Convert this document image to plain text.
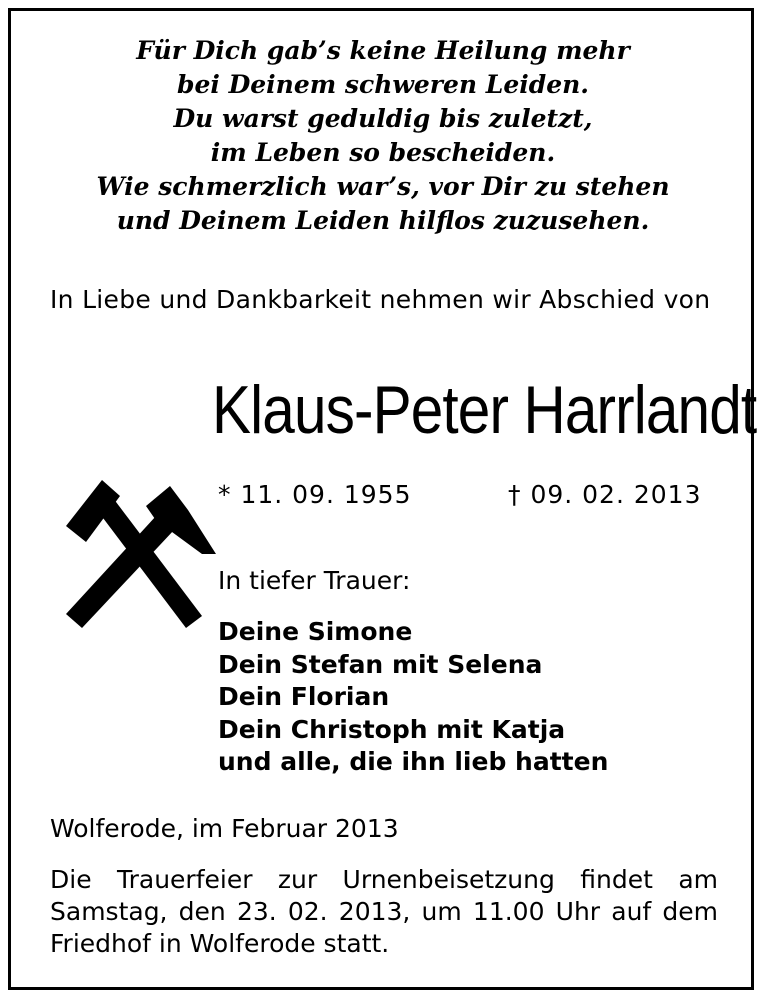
Für Dich gab’s keine Heilung mehr
bei Deinem schweren Leiden.
Du warst geduldig bis zuletzt,
im Leben so bescheiden.
Wie schmerzlich war’s, vor Dir zu stehen
und Deinem Leiden hilflos zuzusehen.
In Liebe und Dankbarkeit nehmen wir Abschied von
Klaus-Peter Harrlandt
* 11. 09. 1955	† 09. 02. 2013
In tiefer Trauer:
Deine Simone
Dein Stefan mit Selena
Dein Florian
Dein Christoph mit Katja
und alle, die ihn lieb hatten
Wolferode, im Februar 2013
Die Trauerfeier zur Urnenbeisetzung findet am Samstag, den 23. 02. 2013, um 11.00 Uhr auf dem Friedhof in Wolferode statt.
